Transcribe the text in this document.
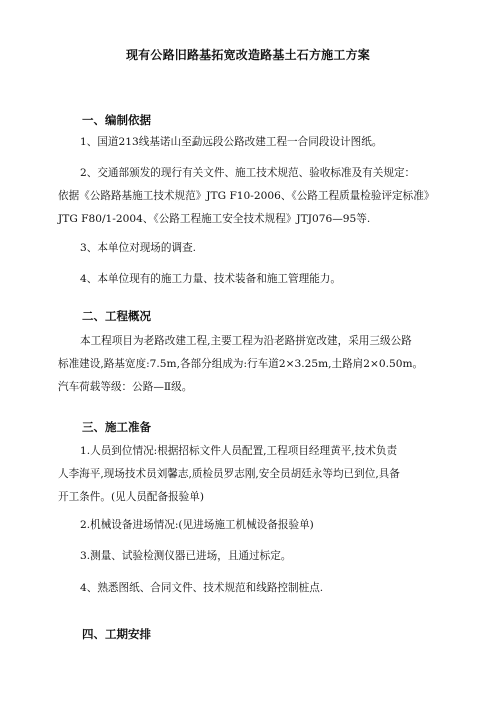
现有公路旧路基拓宽改造路基土石方施工方案
一、编制依据
1、国道213线基诺山至勐远段公路改建工程一合同段设计图纸。
2、交通部颁发的现行有关文件、施工技术规范、验收标准及有关规定：
依据《公路路基施工技术规范》JTG F10-2006、《公路工程质量检验评定标准》
JTG F80/1-2004、《公路工程施工安全技术规程》JTJ076—95等.
3、本单位对现场的调查.
4、本单位现有的施工力量、技术装备和施工管理能力。
二、工程概况
本工程项目为老路改建工程,主要工程为沿老路拼宽改建，采用三级公路
标准建设,路基宽度:7.5m,各部分组成为:行车道2×3.25m,土路肩2×0.50m。
汽车荷载等级：公路—Ⅱ级。
三、施工准备
1.人员到位情况:根据招标文件人员配置,工程项目经理黄平,技术负责
人李海平,现场技术员刘馨志,质检员罗志刚,安全员胡廷永等均已到位,具备
开工条件。(见人员配备报验单)
2.机械设备进场情况:(见进场施工机械设备报验单)
3.测量、试验检测仪器已进场，且通过标定。
4、熟悉图纸、合同文件、技术规范和线路控制桩点.
四、工期安排
